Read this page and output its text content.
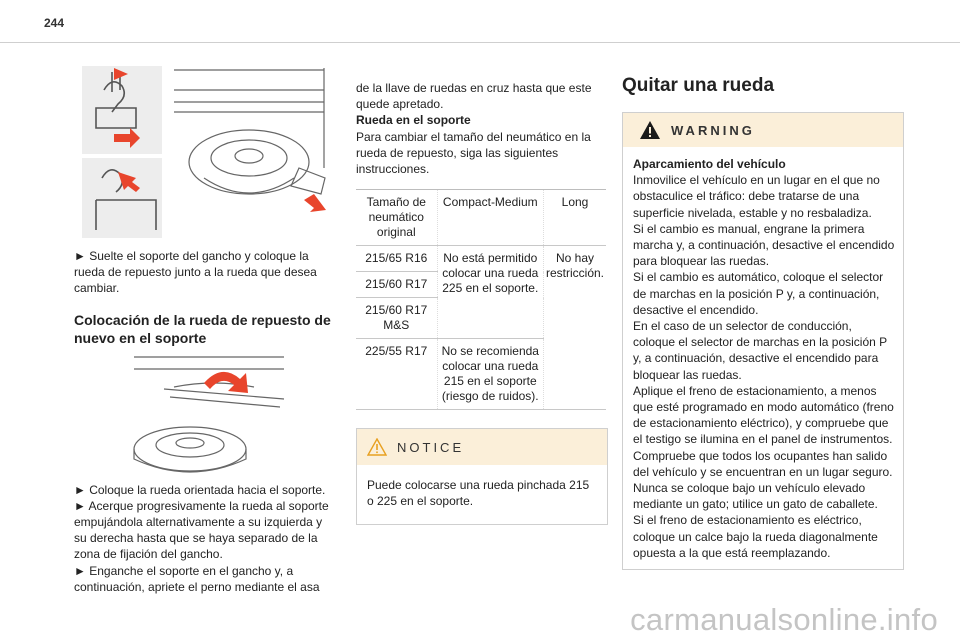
244

► Suelte el soporte del gancho y coloque la rueda de repuesto junto a la rueda que desea cambiar.

Colocación de la rueda de repuesto de nuevo en el soporte

► Coloque la rueda orientada hacia el soporte.

► Acerque progresivamente la rueda al soporte empujándola alternativamente a su izquierda y su derecha hasta que se haya separado de la zona de fijación del gancho.

► Enganche el soporte en el gancho y, a continuación, apriete el perno mediante el asa

de la llave de ruedas en cruz hasta que este quede apretado.

Rueda en el soporte

Para cambiar el tamaño del neumático en la rueda de repuesto, siga las siguientes instrucciones.

Tamaño de neumático original	Compact-Medium	Long
215/65 R16	No está permitido colocar una rueda 225 en el soporte.	No hay restricción.
215/60 R17		
215/60 R17 M&S		
225/55 R17	No se recomienda colocar una rueda 215 en el soporte (riesgo de ruidos).	
NOTICE

Puede colocarse una rueda pinchada 215 o 225 en el soporte.

Quitar una rueda

WARNING

Aparcamiento del vehículo

Inmovilice el vehículo en un lugar en el que no obstaculice el tráfico: debe tratarse de una superficie nivelada, estable y no resbaladiza.

Si el cambio es manual, engrane la primera marcha y, a continuación, desactive el encendido para bloquear las ruedas.

Si el cambio es automático, coloque el selector de marchas en la posición P y, a continuación, desactive el encendido.

En el caso de un selector de conducción, coloque el selector de marchas en la posición P y, a continuación, desactive el encendido para bloquear las ruedas.

Aplique el freno de estacionamiento, a menos que esté programado en modo automático (freno de estacionamiento eléctrico), y compruebe que el testigo se ilumina en el panel de instrumentos.

Compruebe que todos los ocupantes han salido del vehículo y se encuentran en un lugar seguro.

Nunca se coloque bajo un vehículo elevado mediante un gato; utilice un gato de caballete.

Si el freno de estacionamiento es eléctrico, coloque un calce bajo la rueda diagonalmente opuesta a la que está reemplazando.

carmanualsonline.info
